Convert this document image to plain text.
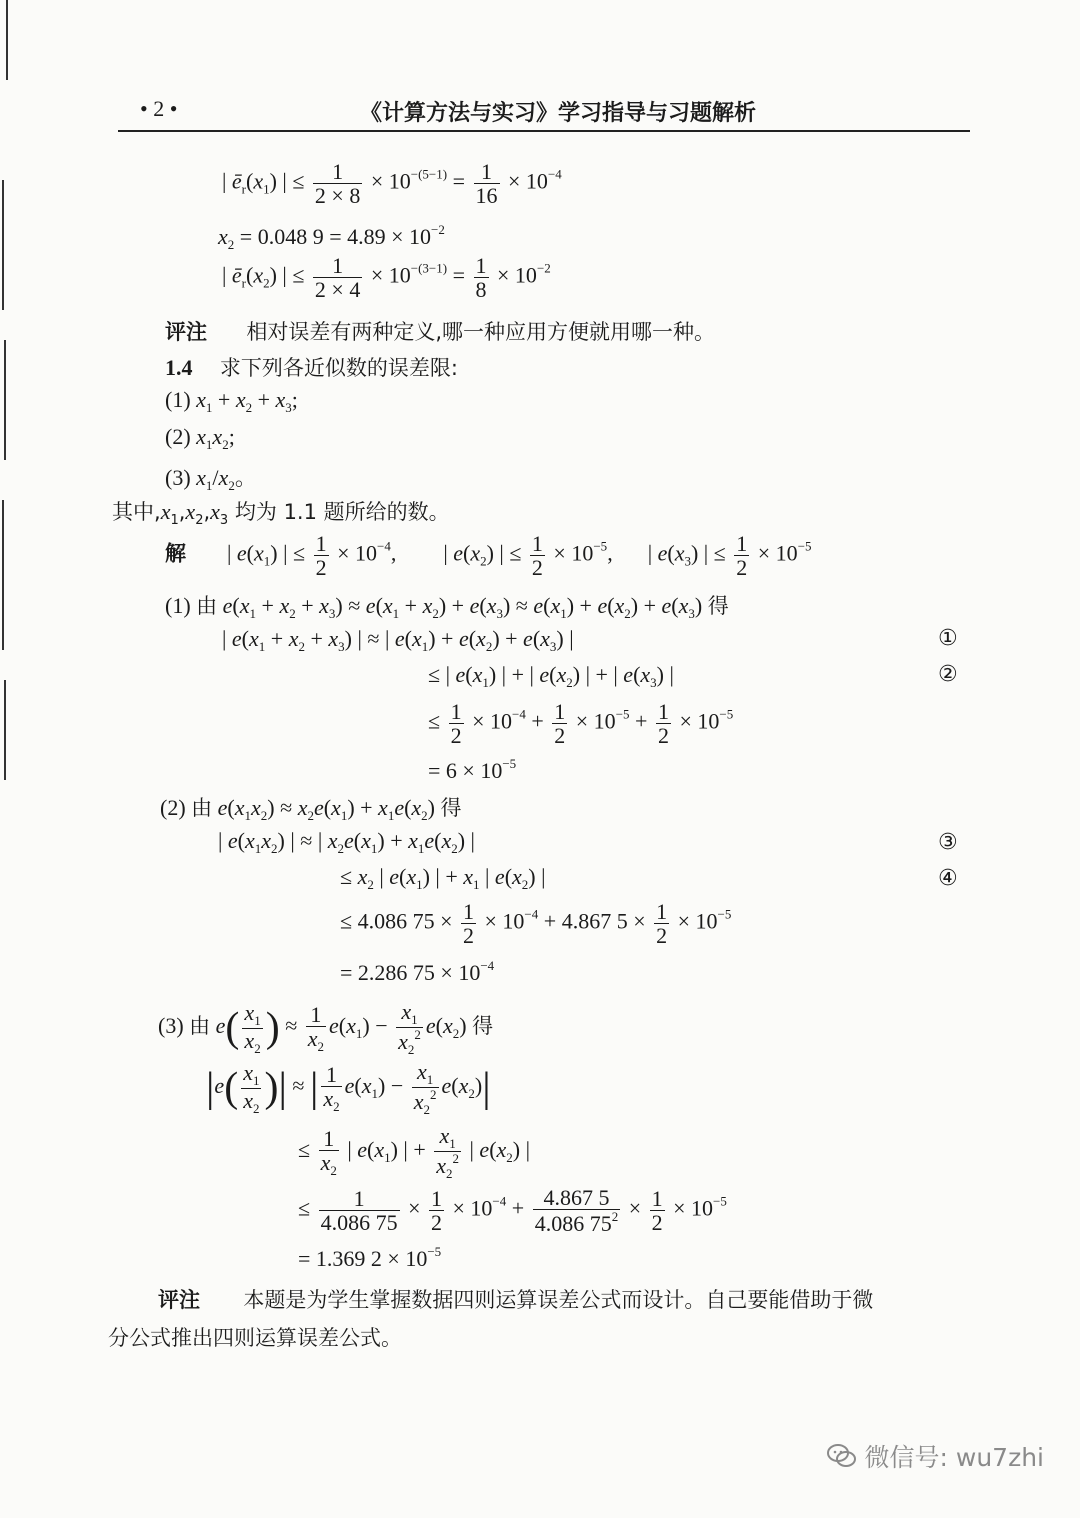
• 2 •	《计算方法与实习》学习指导与习题解析
| $ē_r(x_1)$ | ≤ $\frac{1}{2 \times 8} \times 10^{-(5-1)} = \frac{1}{16} \times 10^{-4}$
$x_2 = 0.048$ $9 = 4.89 \times 10^{-2}$
| $ē_r(x_2)$ | ≤ $\frac{1}{2 \times 4} \times 10^{-(3-1)} = \frac{1}{8} \times 10^{-2}$
评注 相对误差有两种定义,哪一种应用方便就用哪一种。
1.4 求下列各近似数的误差限:
(1) $x_1 + x_2 + x_3$;
(2) $x_1x_2$;
(3) $x_1/x_2$。
其中$,x_1,x_2,x_3$ 均为 1.1 题所给的数。
解  | $e(x_1)$ | ≤ $\frac{1}{2} \times 10^{-4}$,  | $e(x_2)$ | ≤ $\frac{1}{2} \times 10^{-5}$,  | $e(x_3)$ | ≤ $\frac{1}{2} \times 10^{-5}$
(1) 由 $e(x_1 + x_2 + x_3) \approx e(x_1 + x_2) + e(x_3) \approx e(x_1) + e(x_2) + e(x_3)$ 得
| $e(x_1 + x_2 + x_3)$ | ≈ | $e(x_1) + e(x_2) + e(x_3)$ |	①
≤ | $e(x_1)$ | + | $e(x_2)$ | + | $e(x_3)$ |	②
≤ $\frac{1}{2} \times 10^{-4} + \frac{1}{2} \times 10^{-5} + \frac{1}{2} \times 10^{-5}$
= $6 \times 10^{-5}$
(2) 由 $e(x_1x_2) \approx x_2e(x_1) + x_1e(x_2)$ 得
| $e(x_1x_2)$ | ≈ | $x_2e(x_1) + x_1e(x_2)$ |	③
≤ $x_2$ | $e(x_1)$ | + $x_1$ | $e(x_2)$ |	④
≤ 4.086 $75 \times \frac{1}{2} \times 10^{-4} + 4.867$ $5 \times \frac{1}{2} \times 10^{-5}$
= 2.286 $75 \times 10^{-4}$
(3) 由 $e( \frac{x_1}{x_2}$ ) ≈ $\frac{1}{x_2} e(x_1) - \frac{x_1}{x_2^2} e(x_2)$ 得
$|e( \frac{x_1}{x_2}$ )| ≈ | $\frac{1}{x_2} e(x_1) - \frac{x_1}{x_2^2} e(x_2)|$
≤ $\frac{1}{x_2}$ | $e(x_1)$ | + $\frac{x_1}{x_2^2}$ | $e(x_2)$ |
≤ $\frac{1}{4.086 75} \times \frac{1}{2} \times 10^{-4} + \frac{4.867 5}{4.086 75^2} \times \frac{1}{2} \times 10^{-5}$
= 1.369 $2 \times 10^{-5}$
评注 本题是为学生掌握数据四则运算误差公式而设计。自己要能借助于微
分公式推出四则运算误差公式。
微信号: wu7zhi
